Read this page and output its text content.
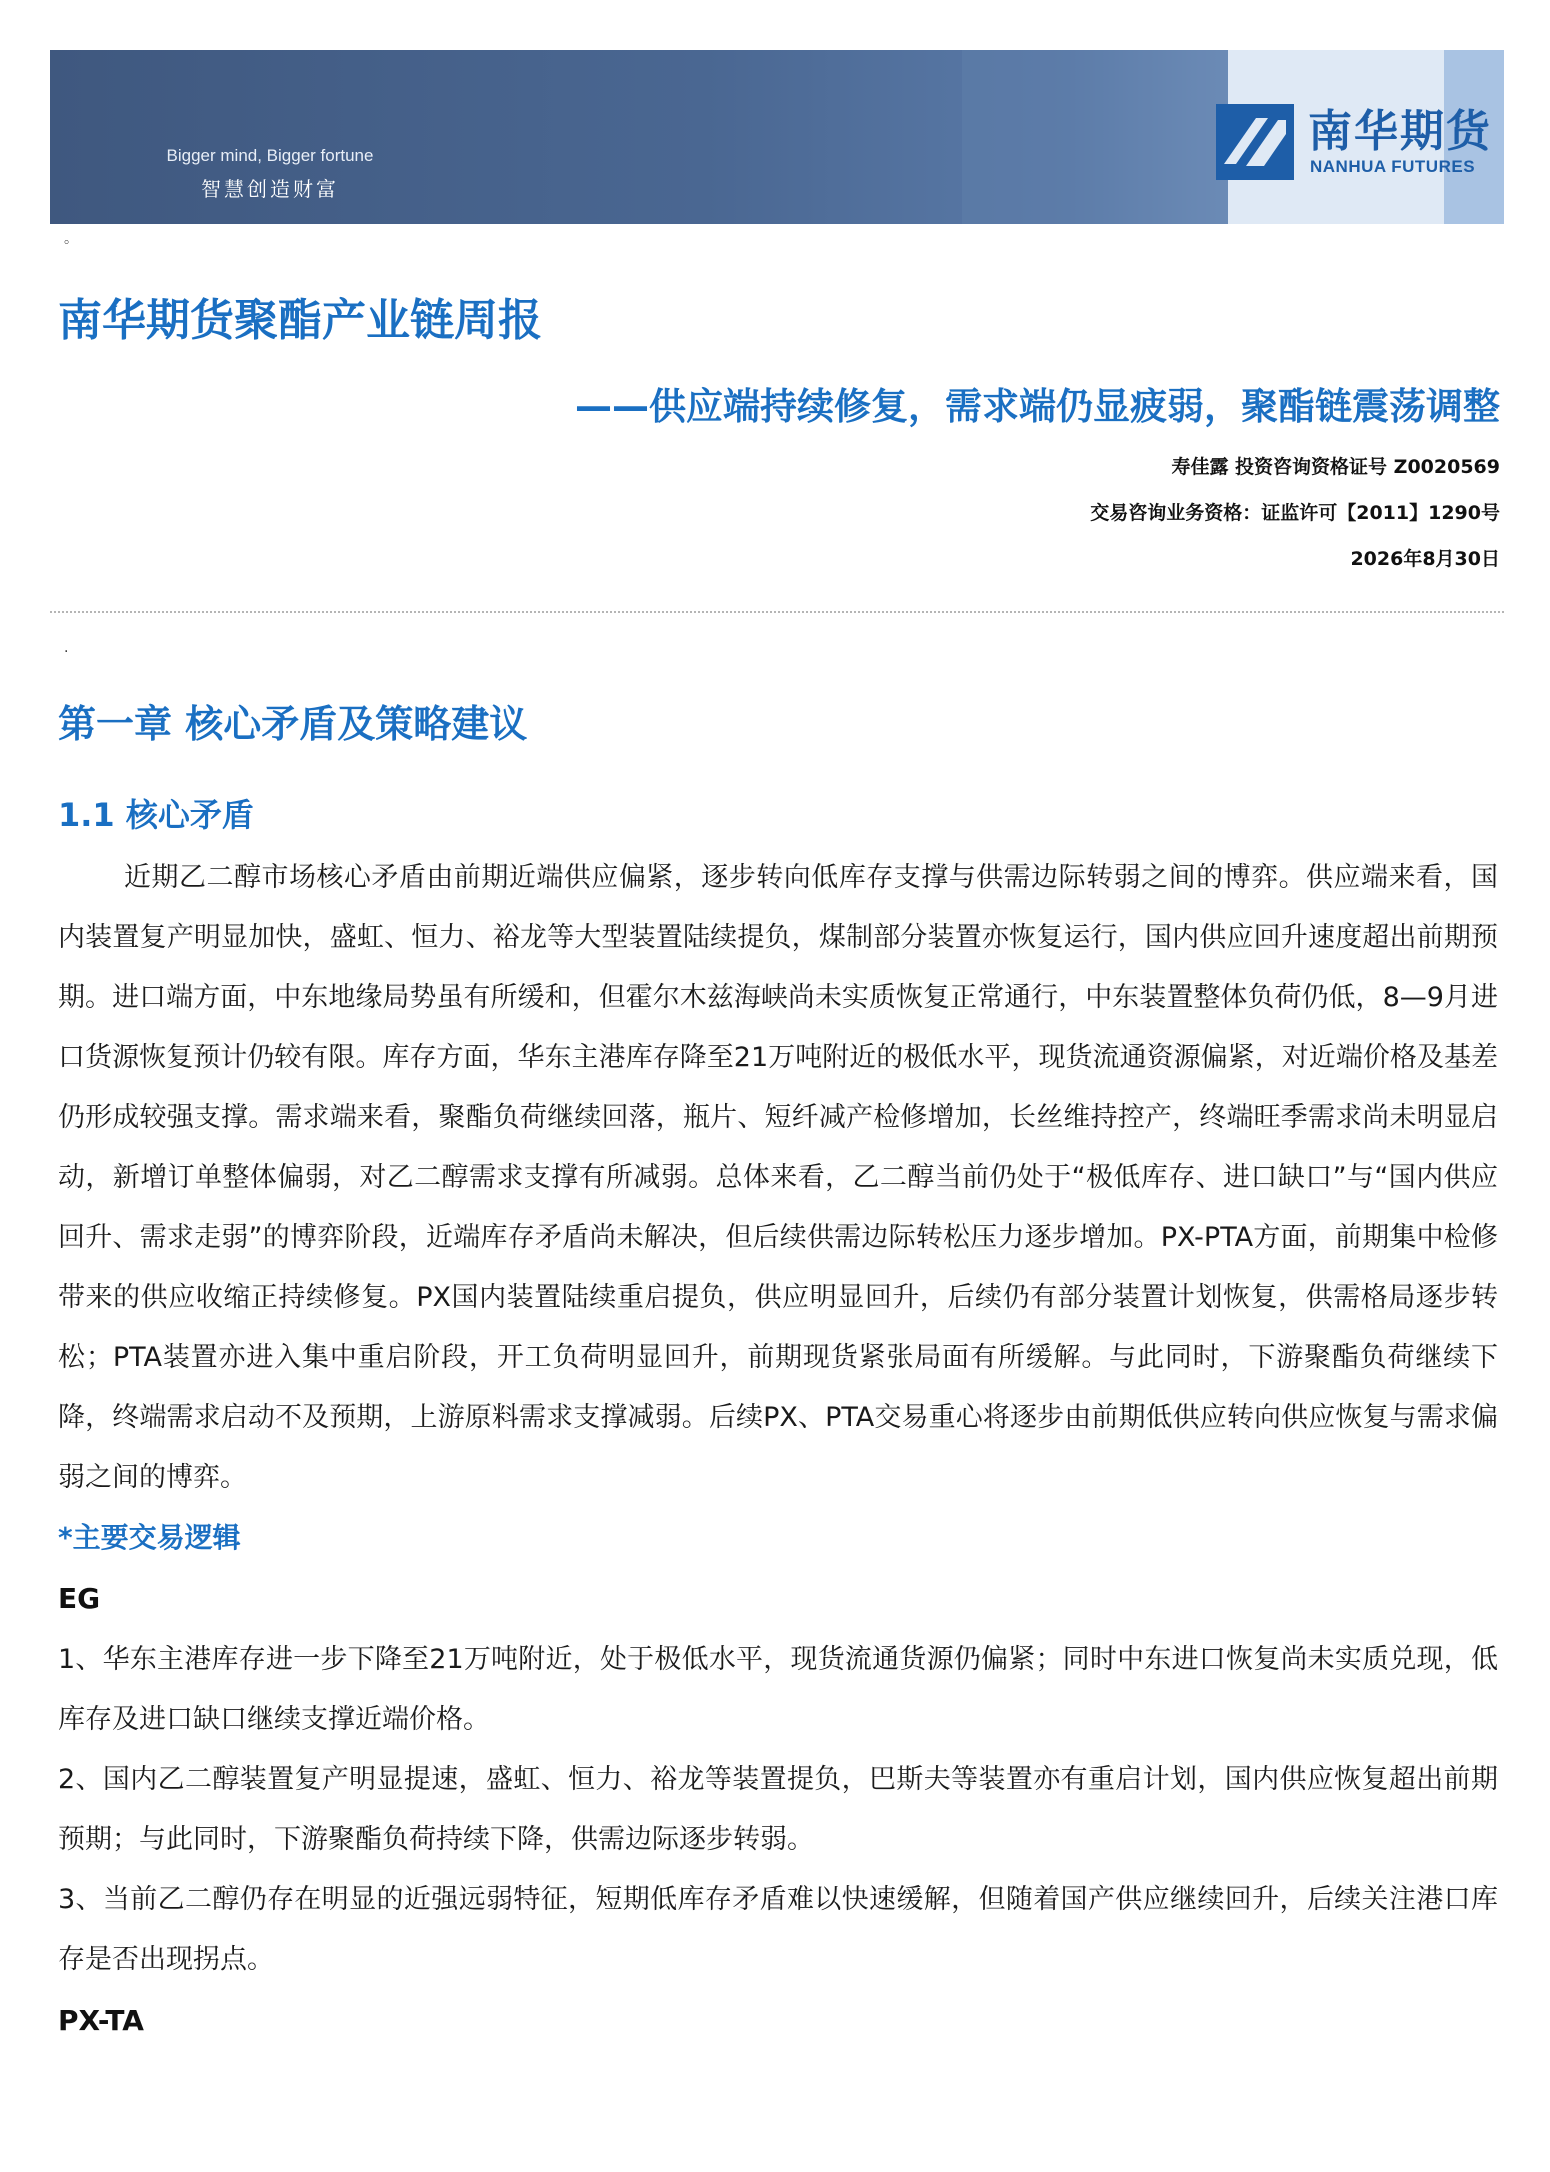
Bigger mind, Bigger fortune
智慧创造财富
南华期货
NANHUA FUTURES
。
南华期货聚酯产业链周报
——供应端持续修复，需求端仍显疲弱，聚酯链震荡调整
寿佳露 投资咨询资格证号 Z0020569
交易咨询业务资格：证监许可【2011】1290号
2026年8月30日
.
第一章 核心矛盾及策略建议
1.1 核心矛盾

近期乙二醇市场核心矛盾由前期近端供应偏紧，逐步转向低库存支撑与供需边际转弱之间的博弈。供应端来看，国内装置复产明显加快，盛虹、恒力、裕龙等大型装置陆续提负，煤制部分装置亦恢复运行，国内供应回升速度超出前期预期。进口端方面，中东地缘局势虽有所缓和，但霍尔木兹海峡尚未实质恢复正常通行，中东装置整体负荷仍低，8—9月进口货源恢复预计仍较有限。库存方面，华东主港库存降至21万吨附近的极低水平，现货流通资源偏紧，对近端价格及基差仍形成较强支撑。需求端来看，聚酯负荷继续回落，瓶片、短纤减产检修增加，长丝维持控产，终端旺季需求尚未明显启动，新增订单整体偏弱，对乙二醇需求支撑有所减弱。总体来看，乙二醇当前仍处于“极低库存、进口缺口”与“国内供应回升、需求走弱”的博弈阶段，近端库存矛盾尚未解决，但后续供需边际转松压力逐步增加。PX-PTA方面，前期集中检修带来的供应收缩正持续修复。PX国内装置陆续重启提负，供应明显回升，后续仍有部分装置计划恢复，供需格局逐步转松；PTA装置亦进入集中重启阶段，开工负荷明显回升，前期现货紧张局面有所缓解。与此同时，下游聚酯负荷继续下降，终端需求启动不及预期，上游原料需求支撑减弱。后续PX、PTA交易重心将逐步由前期低供应转向供应恢复与需求偏弱之间的博弈。

*主要交易逻辑

EG

1、华东主港库存进一步下降至21万吨附近，处于极低水平，现货流通货源仍偏紧；同时中东进口恢复尚未实质兑现，低库存及进口缺口继续支撑近端价格。

2、国内乙二醇装置复产明显提速，盛虹、恒力、裕龙等装置提负，巴斯夫等装置亦有重启计划，国内供应恢复超出前期预期；与此同时，下游聚酯负荷持续下降，供需边际逐步转弱。

3、当前乙二醇仍存在明显的近强远弱特征，短期低库存矛盾难以快速缓解，但随着国产供应继续回升，后续关注港口库存是否出现拐点。

PX-TA
